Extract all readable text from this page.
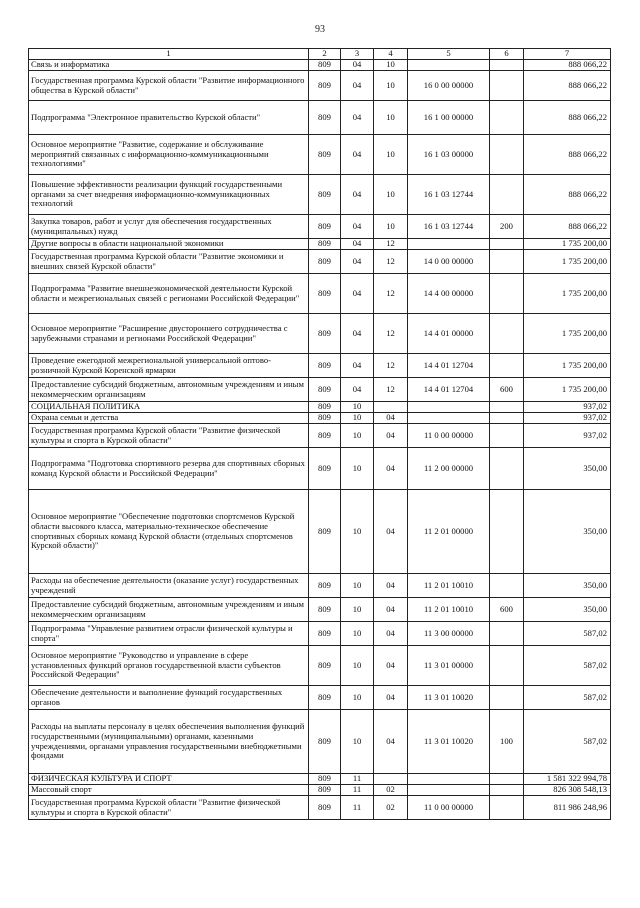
93
1	2	3	4	5	6	7
Связь и информатика	809	04	10			888 066,22
Государственная программа Курской области "Развитие информационного общества в Курской области"	809	04	10	16 0 00 00000		888 066,22
Подпрограмма "Электронное правительство Курской области"	809	04	10	16 1 00 00000		888 066,22
Основное мероприятие "Развитие, содержание и обслуживание мероприятий связанных с информационно-коммуникационными технологиями"	809	04	10	16 1 03 00000		888 066,22
Повышение эффективности реализации функций государственными органами за счет внедрения информационно-коммуникационных технологий	809	04	10	16 1 03 12744		888 066,22
Закупка товаров, работ и услуг для обеспечения государственных (муниципальных) нужд	809	04	10	16 1 03 12744	200	888 066,22
Другие вопросы в области национальной экономики	809	04	12			1 735 200,00
Государственная программа Курской области "Развитие экономики и внешних связей Курской области"	809	04	12	14 0 00 00000		1 735 200,00
Подпрограмма "Развитие внешнеэкономической деятельности Курской области и межрегиональных связей с регионами Российской Федерации"	809	04	12	14 4 00 00000		1 735 200,00
Основное мероприятие "Расширение двустороннего сотрудничества с зарубежными странами и регионами Российской Федерации"	809	04	12	14 4 01 00000		1 735 200,00
Проведение ежегодной межрегиональной универсальной оптово-розничной Курской Коренской ярмарки	809	04	12	14 4 01 12704		1 735 200,00
Предоставление субсидий бюджетным, автономным учреждениям и иным некоммерческим организациям	809	04	12	14 4 01 12704	600	1 735 200,00
СОЦИАЛЬНАЯ ПОЛИТИКА	809	10				937,02
Охрана семьи и детства	809	10	04			937,02
Государственная программа Курской области "Развитие физической культуры и спорта в Курской области"	809	10	04	11 0 00 00000		937,02
Подпрограмма "Подготовка спортивного резерва для спортивных сборных команд Курской области и Российской Федерации"	809	10	04	11 2 00 00000		350,00
Основное мероприятие "Обеспечение подготовки спортсменов Курской области высокого класса, материально-техническое обеспечение спортивных сборных команд Курской области (отдельных спортсменов Курской области)"	809	10	04	11 2 01 00000		350,00
Расходы на обеспечение деятельности (оказание услуг) государственных учреждений	809	10	04	11 2 01 10010		350,00
Предоставление субсидий бюджетным, автономным учреждениям и иным некоммерческим организациям	809	10	04	11 2 01 10010	600	350,00
Подпрограмма "Управление развитием отрасли физической культуры и спорта"	809	10	04	11 3 00 00000		587,02
Основное мероприятие "Руководство и управление в сфере установленных функций органов государственной власти субъектов Российской Федерации"	809	10	04	11 3 01 00000		587,02
Обеспечение деятельности и выполнение функций государственных органов	809	10	04	11 3 01 10020		587,02
Расходы на выплаты персоналу в целях обеспечения выполнения функций государственными (муниципальными) органами, казенными учреждениями, органами управления государственными внебюджетными фондами	809	10	04	11 3 01 10020	100	587,02
ФИЗИЧЕСКАЯ КУЛЬТУРА И СПОРТ	809	11				1 581 322 994,78
Массовый спорт	809	11	02			826 308 548,13
Государственная программа Курской области "Развитие физической культуры и спорта в Курской области"	809	11	02	11 0 00 00000		811 986 248,96
